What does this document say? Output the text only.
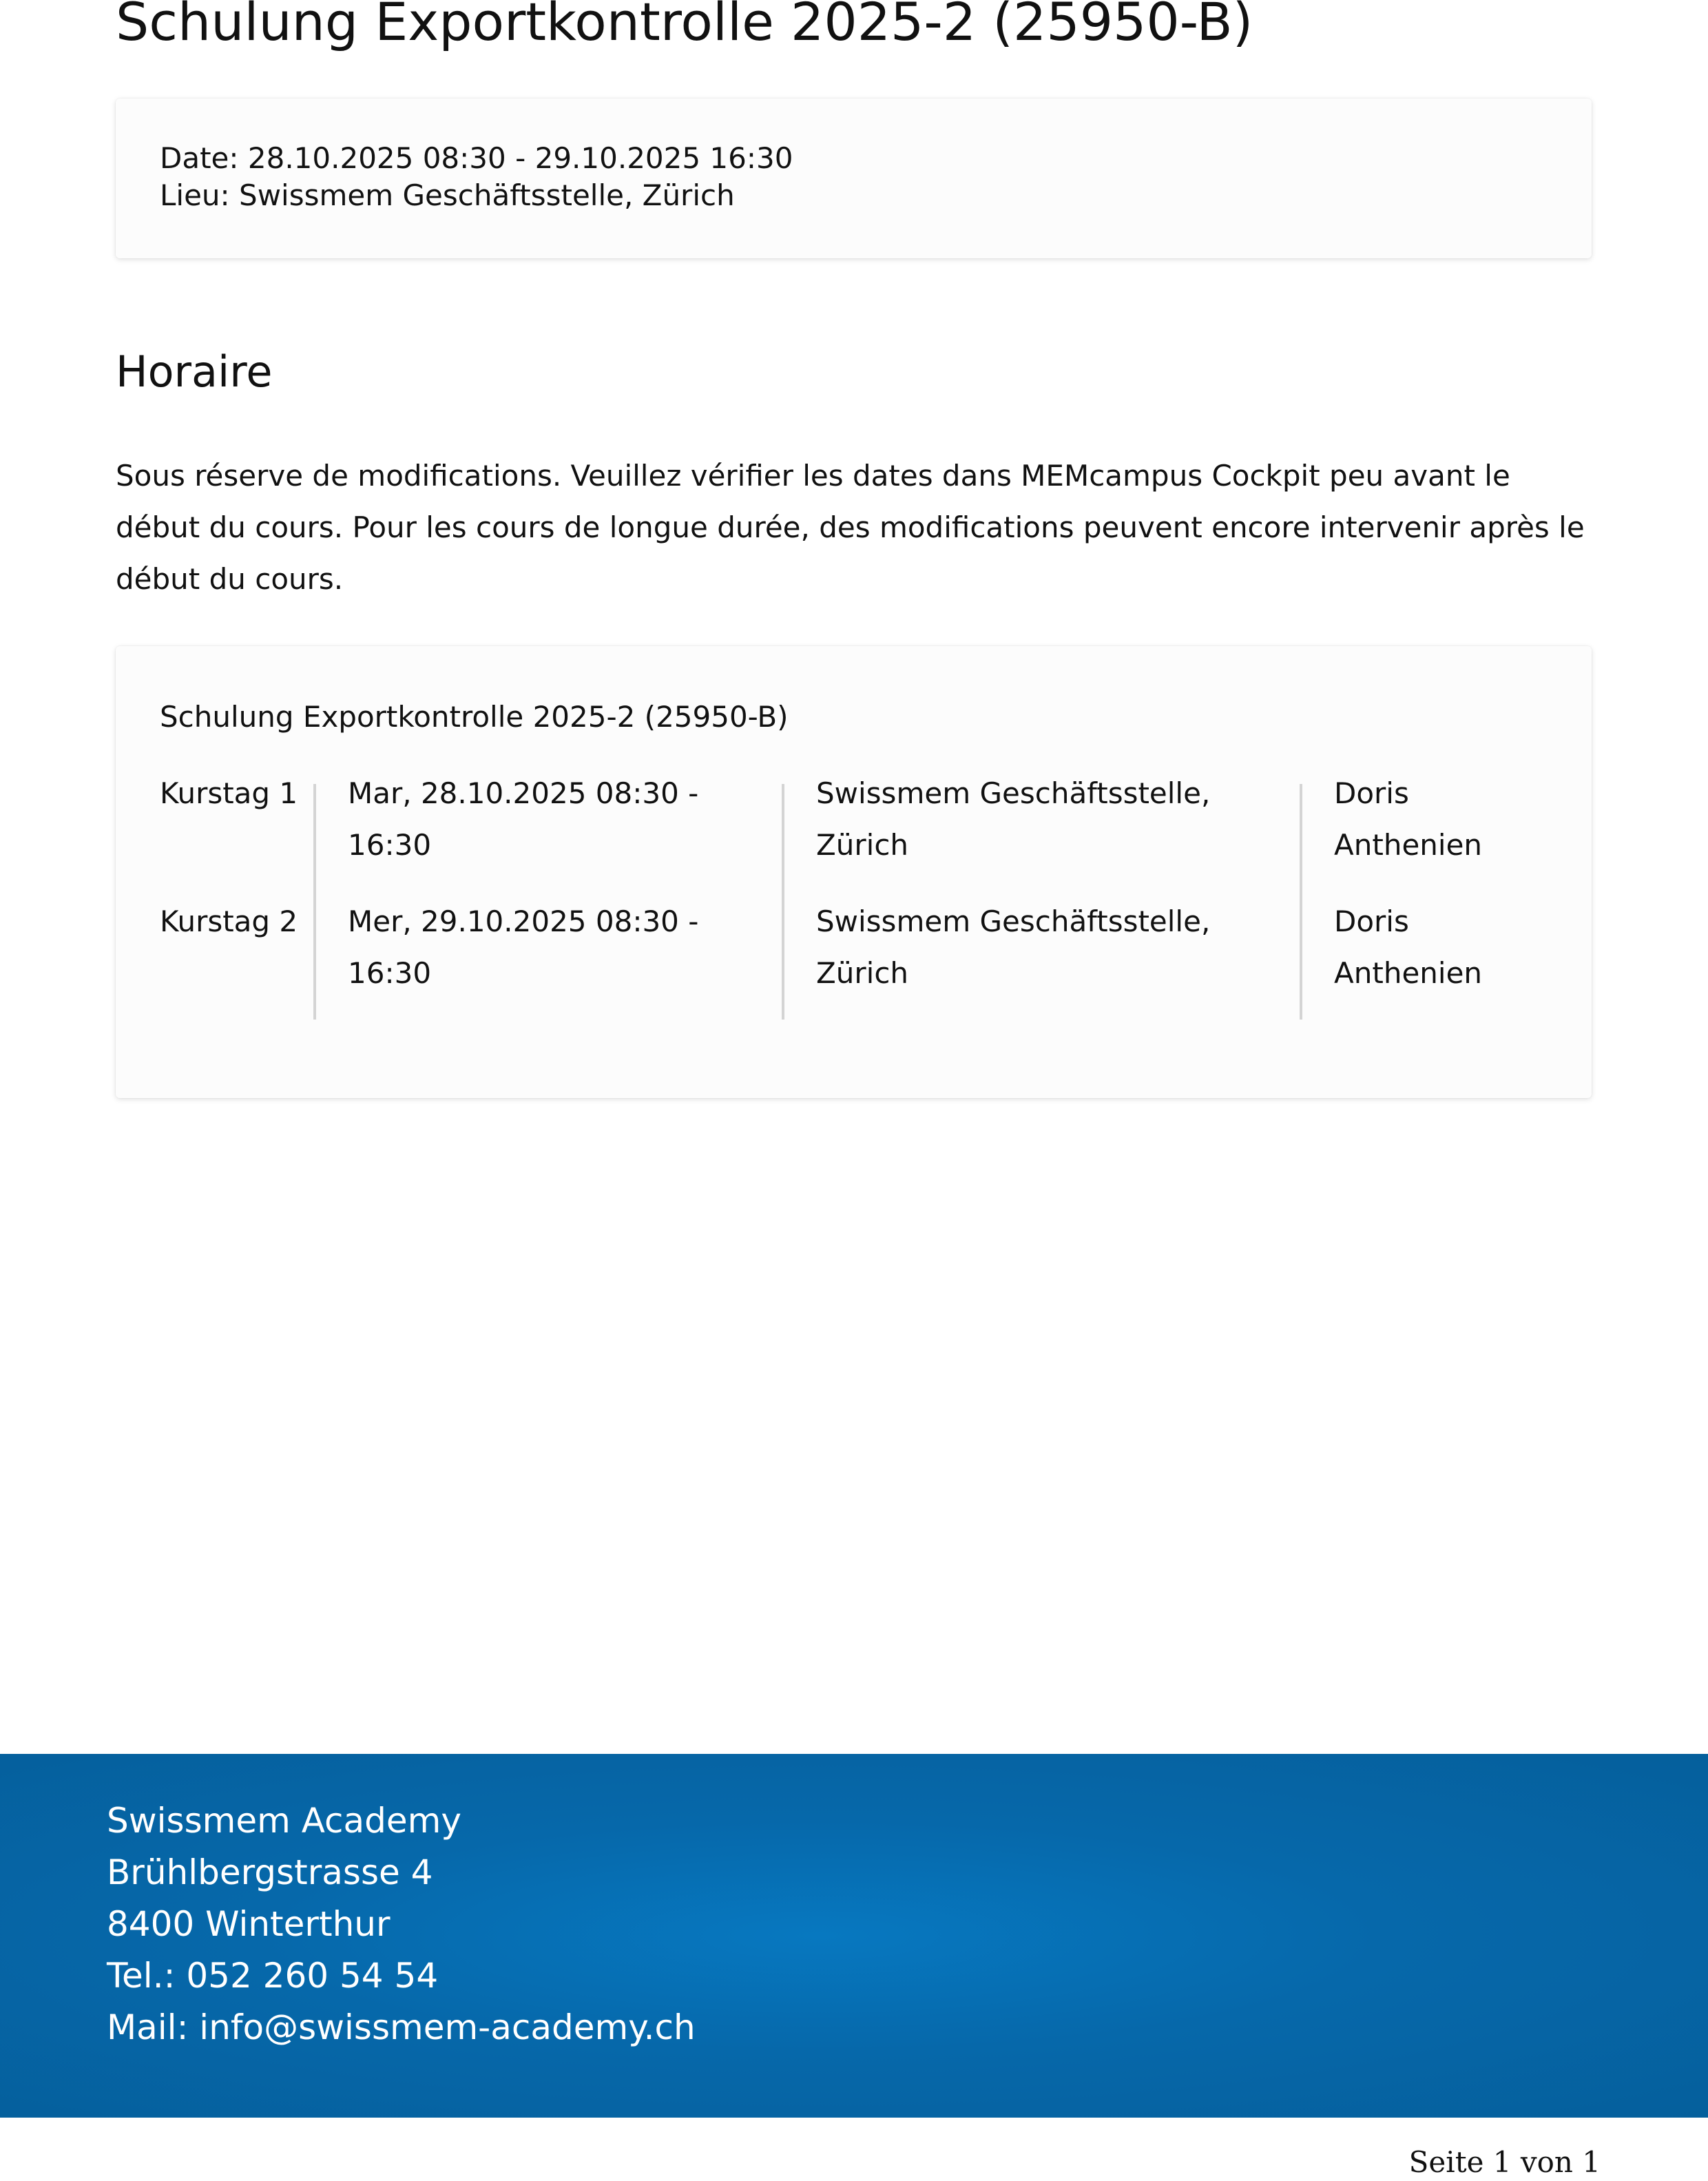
Schulung Exportkontrolle 2025-2 (25950-B)
Date: 28.10.2025 08:30 - 29.10.2025 16:30
Lieu: Swissmem Geschäftsstelle, Zürich
Horaire

Sous réserve de modifications. Veuillez vérifier les dates dans MEMcampus Cockpit peu avant le début du cours. Pour les cours de longue durée, des modifications peuvent encore intervenir après le début du cours.

Schulung Exportkontrolle 2025-2 (25950-B)
Kurstag 1	Mar, 28.10.2025 08:30 - 16:30	Swissmem Geschäftsstelle, Zürich	Doris Anthenien

Kurstag 2	Mer, 29.10.2025 08:30 - 16:30	Swissmem Geschäftsstelle, Zürich	Doris Anthenien
Swissmem Academy
Brühlbergstrasse 4
8400 Winterthur
Tel.: 052 260 54 54
Mail: info@swissmem-academy.ch
Seite 1 von 1
